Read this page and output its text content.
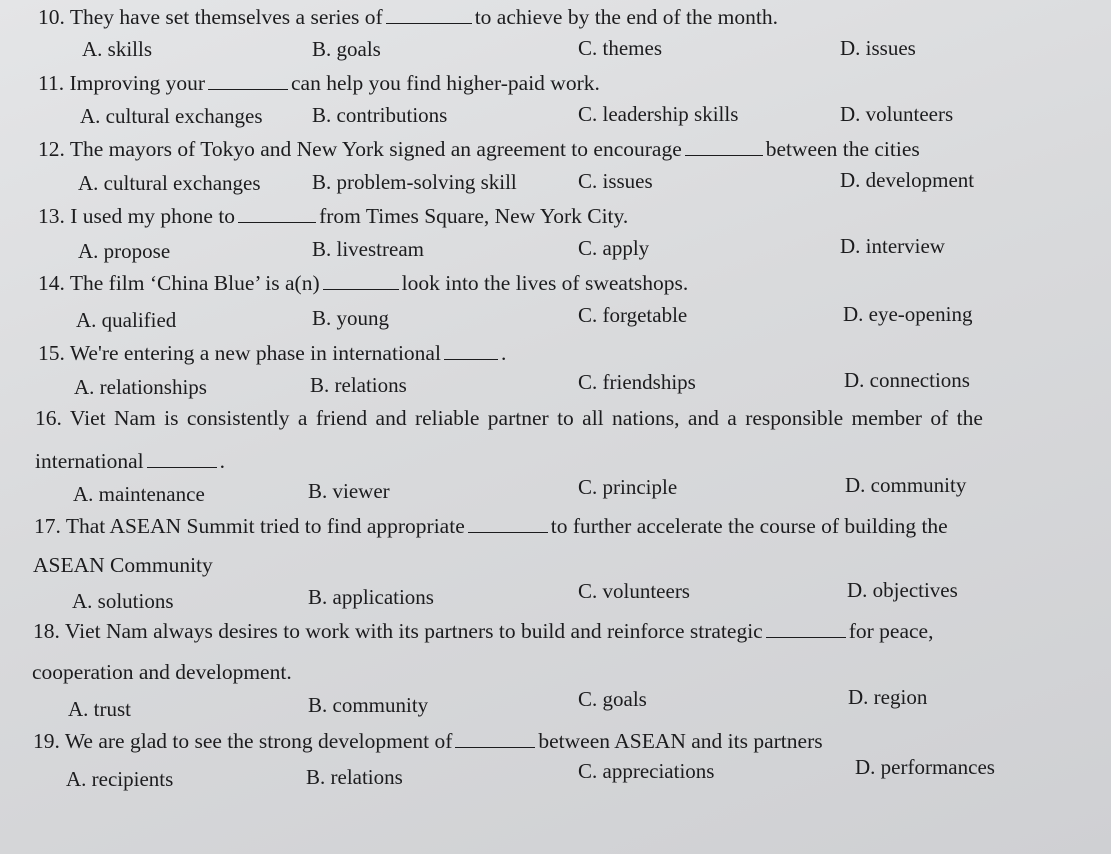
10. They have set themselves a series of	to achieve by the end of the month.
A. skills	B. goals	C. themes	D. issues
11. Improving your	can help you find higher-paid work.
A. cultural exchanges B. contributions	C. leadership skills	D. volunteers
12. The mayors of Tokyo and New York signed an agreement to encourage	between the cities
A. cultural exchanges B. problem-solving skill	C. issues	D. development
13. I used my phone to	from Times Square, New York City.
A. propose	B. livestream	C. apply	D. interview
14. The film ‘China Blue’ is a(n)	look into the lives of sweatshops.
A. qualified	B. young	C. forgetable	D. eye-opening
15. We're entering a new phase in international	.
A. relationships	B. relations	C. friendships	D. connections
16. Viet Nam is consistently a friend and reliable partner to all nations, and a responsible member of the
international	.
A. maintenance	B. viewer	C. principle	D. community
17. That ASEAN Summit tried to find appropriate	to further accelerate the course of building the
ASEAN Community
A. solutions	B. applications	C. volunteers	D. objectives
18. Viet Nam always desires to work with its partners to build and reinforce strategic	for peace,
cooperation and development.
A. trust	B. community	C. goals	D. region
19. We are glad to see the strong development of	between ASEAN and its partners
A. recipients	B. relations	C. appreciations	D. performances
